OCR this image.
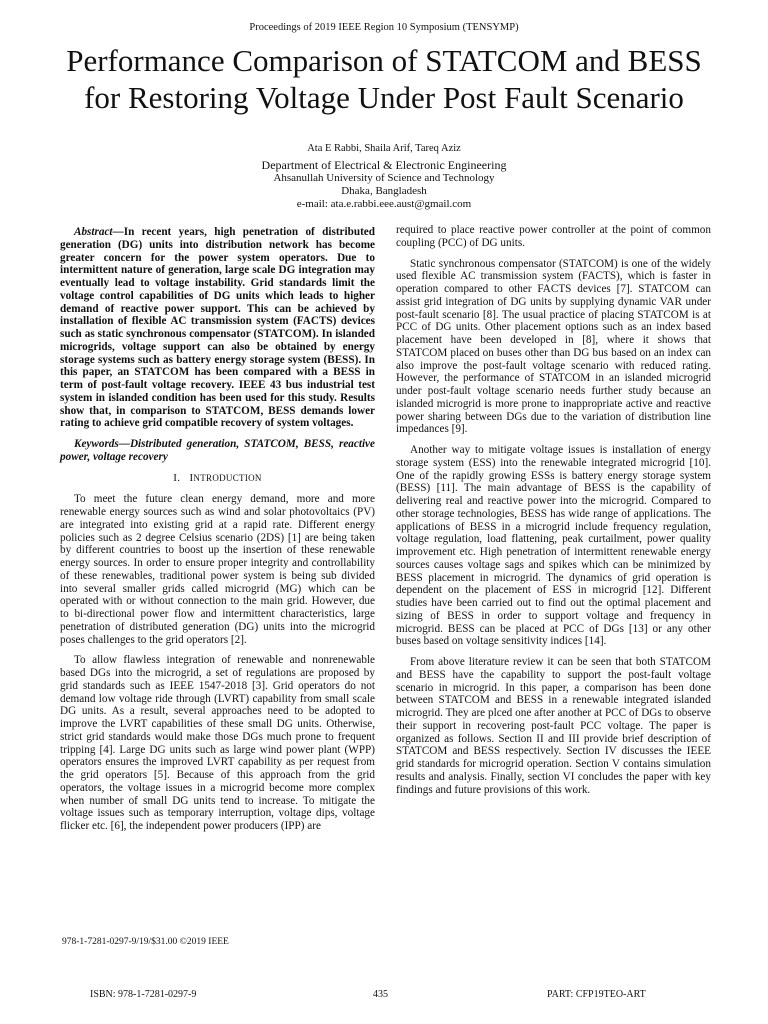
Proceedings of 2019 IEEE Region 10 Symposium (TENSYMP)
Performance Comparison of STATCOM and BESS
for Restoring Voltage Under Post Fault Scenario
Ata E Rabbi, Shaila Arif, Tareq Aziz
Department of Electrical & Electronic Engineering
Ahsanullah University of Science and Technology
Dhaka, Bangladesh
e-mail: ata.e.rabbi.eee.aust@gmail.com

Abstract—In recent years, high penetration of distributed generation (DG) units into distribution network has become greater concern for the power system operators. Due to intermittent nature of generation, large scale DG integration may eventually lead to voltage instability. Grid standards limit the voltage control capabilities of DG units which leads to higher demand of reactive power support. This can be achieved by installation of flexible AC transmission system (FACTS) devices such as static synchronous compensator (STATCOM). In islanded microgrids, voltage support can also be obtained by energy storage systems such as battery energy storage system (BESS). In this paper, an STATCOM has been compared with a BESS in term of post-fault voltage recovery. IEEE 43 bus industrial test system in islanded condition has been used for this study. Results show that, in comparison to STATCOM, BESS demands lower rating to achieve grid compatible recovery of system voltages.

Keywords—Distributed generation, STATCOM, BESS, reactive power, voltage recovery

I. INTRODUCTION

To meet the future clean energy demand, more and more renewable energy sources such as wind and solar photovoltaics (PV) are integrated into existing grid at a rapid rate. Different energy policies such as 2 degree Celsius scenario (2DS) [1] are being taken by different countries to boost up the insertion of these renewable energy sources. In order to ensure proper integrity and controllability of these renewables, traditional power system is being sub divided into several smaller grids called microgrid (MG) which can be operated with or without connection to the main grid. However, due to bi-directional power flow and intermittent characteristics, large penetration of distributed generation (DG) units into the microgrid poses challenges to the grid operators [2].

To allow flawless integration of renewable and nonrenewable based DGs into the microgrid, a set of regulations are proposed by grid standards such as IEEE 1547-2018 [3]. Grid operators do not demand low voltage ride through (LVRT) capability from small scale DG units. As a result, several approaches need to be adopted to improve the LVRT capabilities of these small DG units. Otherwise, strict grid standards would make those DGs much prone to frequent tripping [4]. Large DG units such as large wind power plant (WPP) operators ensures the improved LVRT capability as per request from the grid operators [5]. Because of this approach from the grid operators, the voltage issues in a microgrid become more complex when number of small DG units tend to increase. To mitigate the voltage issues such as temporary interruption, voltage dips, voltage flicker etc. [6], the independent power producers (IPP) are

required to place reactive power controller at the point of common coupling (PCC) of DG units.

Static synchronous compensator (STATCOM) is one of the widely used flexible AC transmission system (FACTS), which is faster in operation compared to other FACTS devices [7]. STATCOM can assist grid integration of DG units by supplying dynamic VAR under post-fault scenario [8]. The usual practice of placing STATCOM is at PCC of DG units. Other placement options such as an index based placement have been developed in [8], where it shows that STATCOM placed on buses other than DG bus based on an index can also improve the post-fault voltage scenario with reduced rating. However, the performance of STATCOM in an islanded microgrid under post-fault voltage scenario needs further study because an islanded microgrid is more prone to inappropriate active and reactive power sharing between DGs due to the variation of distribution line impedances [9].

Another way to mitigate voltage issues is installation of energy storage system (ESS) into the renewable integrated microgrid [10]. One of the rapidly growing ESSs is battery energy storage system (BESS) [11]. The main advantage of BESS is the capability of delivering real and reactive power into the microgrid. Compared to other storage technologies, BESS has wide range of applications. The applications of BESS in a microgrid include frequency regulation, voltage regulation, load flattening, peak curtailment, power quality improvement etc. High penetration of intermittent renewable energy sources causes voltage sags and spikes which can be minimized by BESS placement in microgrid. The dynamics of grid operation is dependent on the placement of ESS in microgrid [12]. Different studies have been carried out to find out the optimal placement and sizing of BESS in order to support voltage and frequency in microgrid. BESS can be placed at PCC of DGs [13] or any other buses based on voltage sensitivity indices [14].

From above literature review it can be seen that both STATCOM and BESS have the capability to support the post-fault voltage scenario in microgrid. In this paper, a comparison has been done between STATCOM and BESS in a renewable integrated islanded microgrid. They are plced one after another at PCC of DGs to observe their support in recovering post-fault PCC voltage. The paper is organized as follows. Section II and III provide brief description of STATCOM and BESS respectively. Section IV discusses the IEEE grid standards for microgrid operation. Section V contains simulation results and analysis. Finally, section VI concludes the paper with key findings and future provisions of this work.

978-1-7281-0297-9/19/$31.00 ©2019 IEEE
ISBN: 978-1-7281-0297-9	435	PART: CFP19TEO-ART
